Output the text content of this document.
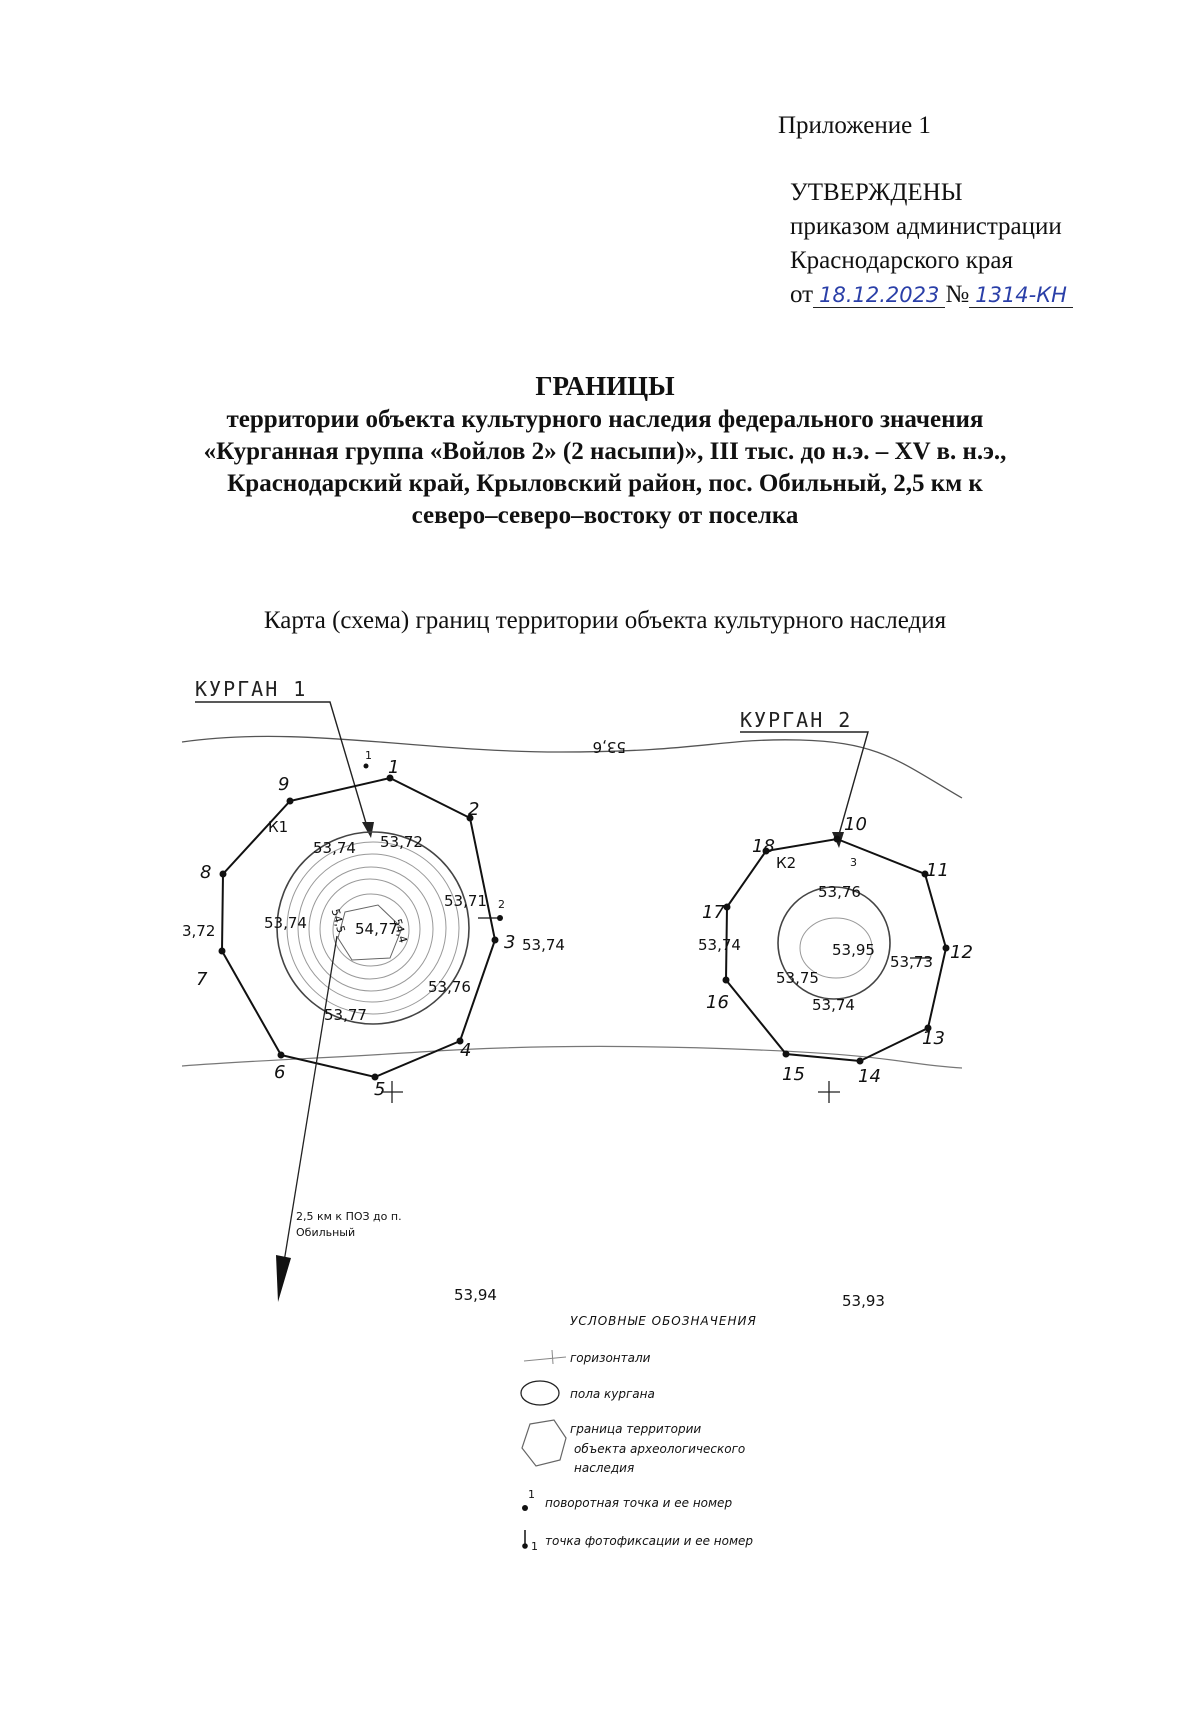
Приложение 1
УТВЕРЖДЕНЫ
приказом администрации
Краснодарского края
от 18.12.2023 № 1314-КН
ГРАНИЦЫ
территории объекта культурного наследия федерального значения
«Курганная группа «Войлов 2» (2 насыпи)», III тыс. до н.э. – XV в. н.э.,
Краснодарский край, Крыловский район, пос. Обильный, 2,5 км к
северо–северо–востоку от поселка
Карта (схема) границ территории объекта культурного наследия
53,6
КУРГАН 1
1
2
3
4
5
6
7
8
9
К1
1
2
53,74 53,72
53,71
53,74
54,77
53,74
53,76
53,77
3,72	54,5	54,4
2,5 км к ПОЗ до п.
Обильный
КУРГАН 2
10
11
12
13
14
15
16
17
18
К2	3
53,76
53,95
53,73
53,75
53,74
53,74
53,94	53,93
УСЛОВНЫЕ ОБОЗНАЧЕНИЯ
горизонтали
пола кургана
граница территории
объекта археологического
наследия
1
поворотная точка и ее номер
1 точка фотофиксации и ее номер
